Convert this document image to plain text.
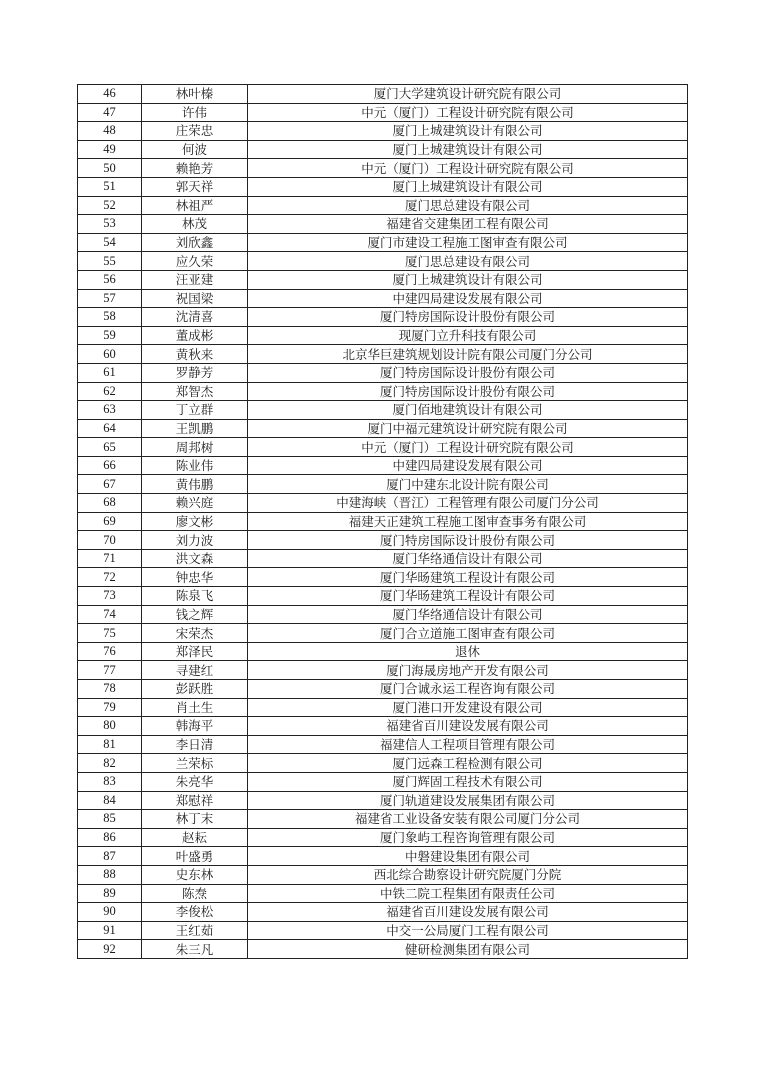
46	林叶榛	厦门大学建筑设计研究院有限公司
47	许伟	中元（厦门）工程设计研究院有限公司
48	庄荣忠	厦门上城建筑设计有限公司
49	何波	厦门上城建筑设计有限公司
50	赖艳芳	中元（厦门）工程设计研究院有限公司
51	郭天祥	厦门上城建筑设计有限公司
52	林祖严	厦门思总建设有限公司
53	林茂	福建省交建集团工程有限公司
54	刘欣鑫	厦门市建设工程施工图审查有限公司
55	应久荣	厦门思总建设有限公司
56	汪亚建	厦门上城建筑设计有限公司
57	祝国梁	中建四局建设发展有限公司
58	沈清喜	厦门特房国际设计股份有限公司
59	董成彬	现厦门立升科技有限公司
60	黄秋来	北京华巨建筑规划设计院有限公司厦门分公司
61	罗静芳	厦门特房国际设计股份有限公司
62	郑智杰	厦门特房国际设计股份有限公司
63	丁立群	厦门佰地建筑设计有限公司
64	王凯鹏	厦门中福元建筑设计研究院有限公司
65	周邦树	中元（厦门）工程设计研究院有限公司
66	陈业伟	中建四局建设发展有限公司
67	黄伟鹏	厦门中建东北设计院有限公司
68	赖兴庭	中建海峡（晋江）工程管理有限公司厦门分公司
69	廖文彬	福建天正建筑工程施工图审查事务有限公司
70	刘力波	厦门特房国际设计股份有限公司
71	洪文森	厦门华络通信设计有限公司
72	钟忠华	厦门华旸建筑工程设计有限公司
73	陈泉飞	厦门华旸建筑工程设计有限公司
74	钱之辉	厦门华络通信设计有限公司
75	宋荣杰	厦门合立道施工图审查有限公司
76	郑泽民	退休
77	寻建红	厦门海晟房地产开发有限公司
78	彭跃胜	厦门合诚永运工程咨询有限公司
79	肖土生	厦门港口开发建设有限公司
80	韩海平	福建省百川建设发展有限公司
81	李日清	福建信人工程项目管理有限公司
82	兰荣标	厦门远森工程检测有限公司
83	朱亮华	厦门辉固工程技术有限公司
84	郑慰祥	厦门轨道建设发展集团有限公司
85	林丁末	福建省工业设备安装有限公司厦门分公司
86	赵耘	厦门象屿工程咨询管理有限公司
87	叶盛勇	中磐建设集团有限公司
88	史东林	西北综合勘察设计研究院厦门分院
89	陈焘	中铁二院工程集团有限责任公司
90	李俊松	福建省百川建设发展有限公司
91	王红茹	中交一公局厦门工程有限公司
92	朱三凡	健研检测集团有限公司
